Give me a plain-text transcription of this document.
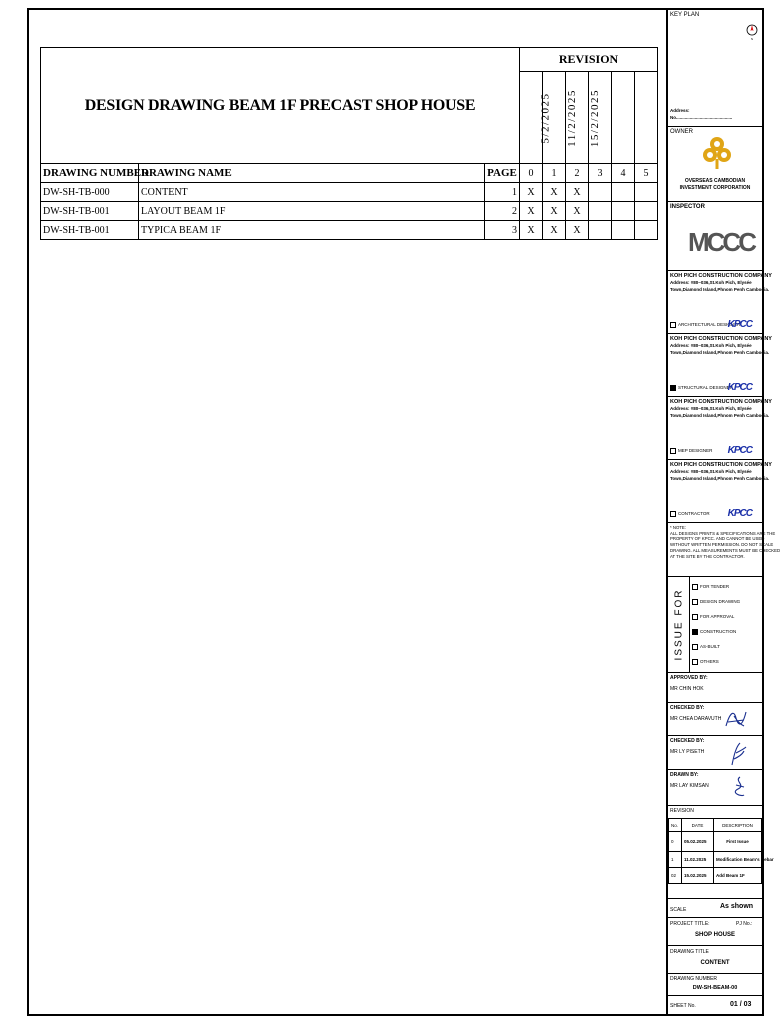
DESIGN DRAWING BEAM 1F PRECAST SHOP HOUSE			REVISION					
			5/2/2025	11/2/2025	15/2/2025			
DRAWING NUMBER	DRAWING NAME	PAGE	0	1	2	3	4	5
DW-SH-TB-000	CONTENT	1	X	X	X			
DW-SH-TB-001	LAYOUT BEAM 1F	2	X	X	X			
DW-SH-TB-001	TYPICA BEAM 1F	3	X	X	X			
KEY PLAN
N
Address:
No.............................................
OWNER
OVERSEAS CAMBODIAN
INVESTMENT CORPORATION
INSPECTOR
MCCC
KOH PICH CONSTRUCTION COMPANY
Address: #80~036,St.Koh Pich, Elysée
Town,Diamond Island,Phnom Penh Cambodia.
ARCHITECTURAL DESIGNER
KPCC
KOH PICH CONSTRUCTION COMPANY
Address: #80~036,St.Koh Pich, Elysée
Town,Diamond Island,Phnom Penh Cambodia.
STRUCTURAL DESIGNER
KPCC
KOH PICH CONSTRUCTION COMPANY
Address: #80~036,St.Koh Pich, Elysée
Town,Diamond Island,Phnom Penh Cambodia.
MEP DESIGNER KPCC
KOH PICH CONSTRUCTION COMPANY
Address: #80~036,St.Koh Pich, Elysée
Town,Diamond Island,Phnom Penh Cambodia.
CONTRACTOR KPCC
* NOTE:
ALL DESIGNS PRINTS & SPECIFICATIONS ARE THE
PROPERTY OF KPCC. AND CANNOT BE USED
WITHOUT WRITTEN PERMISSION. DO NOT SCALE
DRAWING. ALL MEASUREMENTS MUST BE CHECKED
AT THE SITE BY THE CONTRACTOR.
ISSUE FOR
FOR TENDER
DESIGN DRAWING
FOR APPROVAL
CONSTRUCTION
AS-BUILT
OTHERS
APPROVED BY:
MR CHIN HOK
CHECKED BY:
MR CHEA DARAVUTH
CHECKED BY:
MR LY PISETH
DRAWN BY:
MR LAY KIMSAN
REVISION
No.	DATE	DESCRIPTION
0	05.02.2025	First Issue
1	11.02.2025	Modification Beam's Rebar
02	15.02.2025	Add Beam 1F
SCALE	As shown
PROJECT TITLE:	PJ No.:
SHOP HOUSE
DRAWING TITLE
CONTENT
DRAWING NUMBER
DW-SH-BEAM-00
SHEET No.	01 / 03
